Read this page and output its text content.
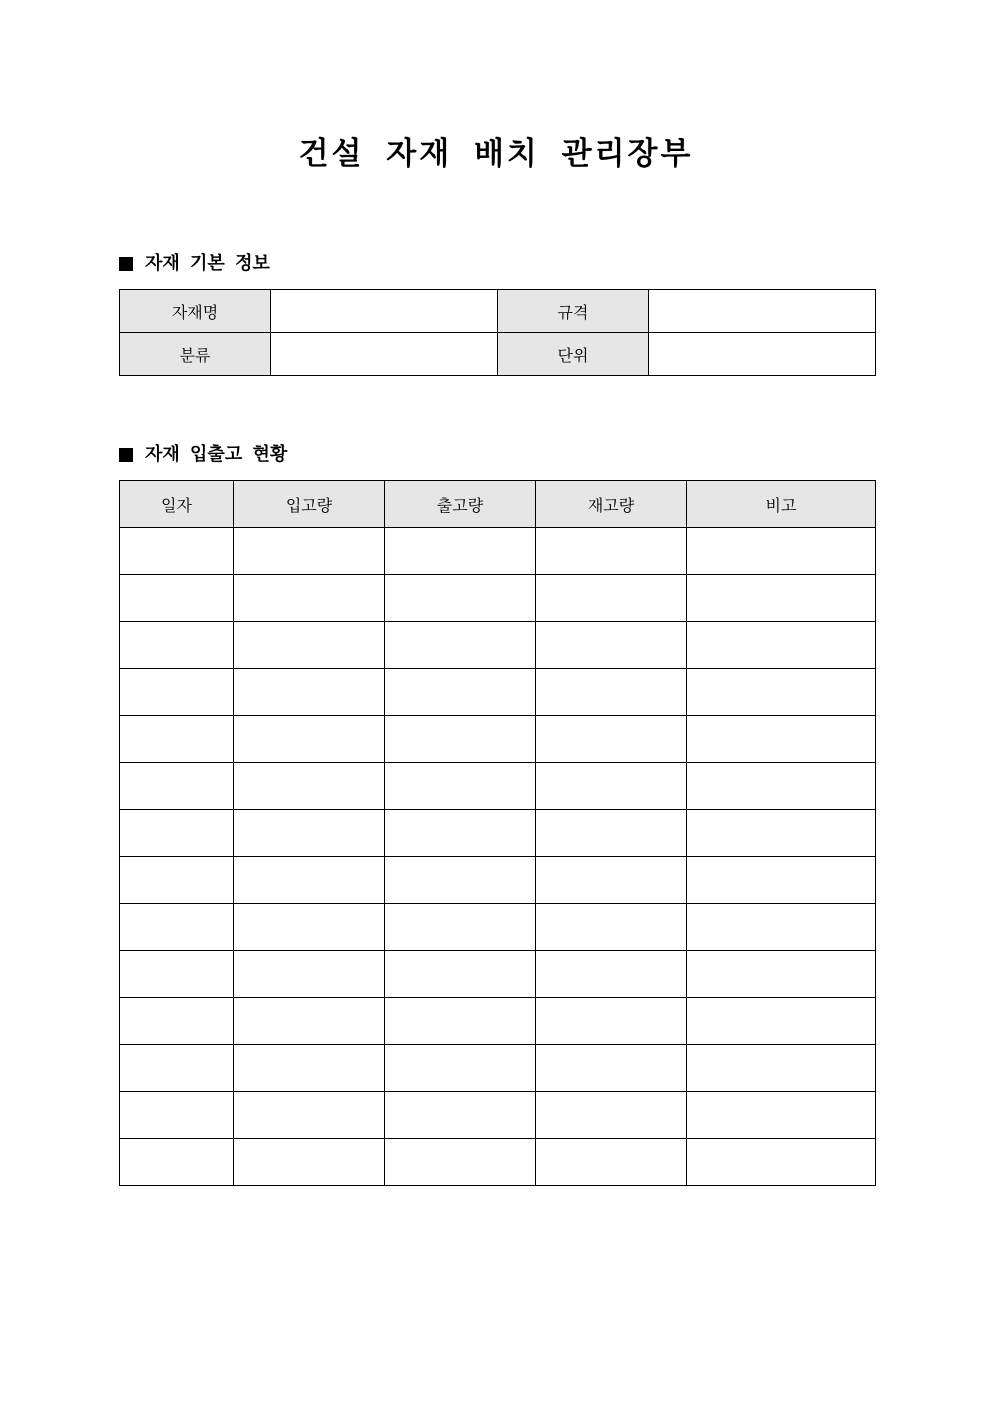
건설 자재 배치 관리장부
자재 기본 정보
자재명		규격	
분류		단위	
자재 입출고 현황
일자	입고량	출고량	재고량	비고
